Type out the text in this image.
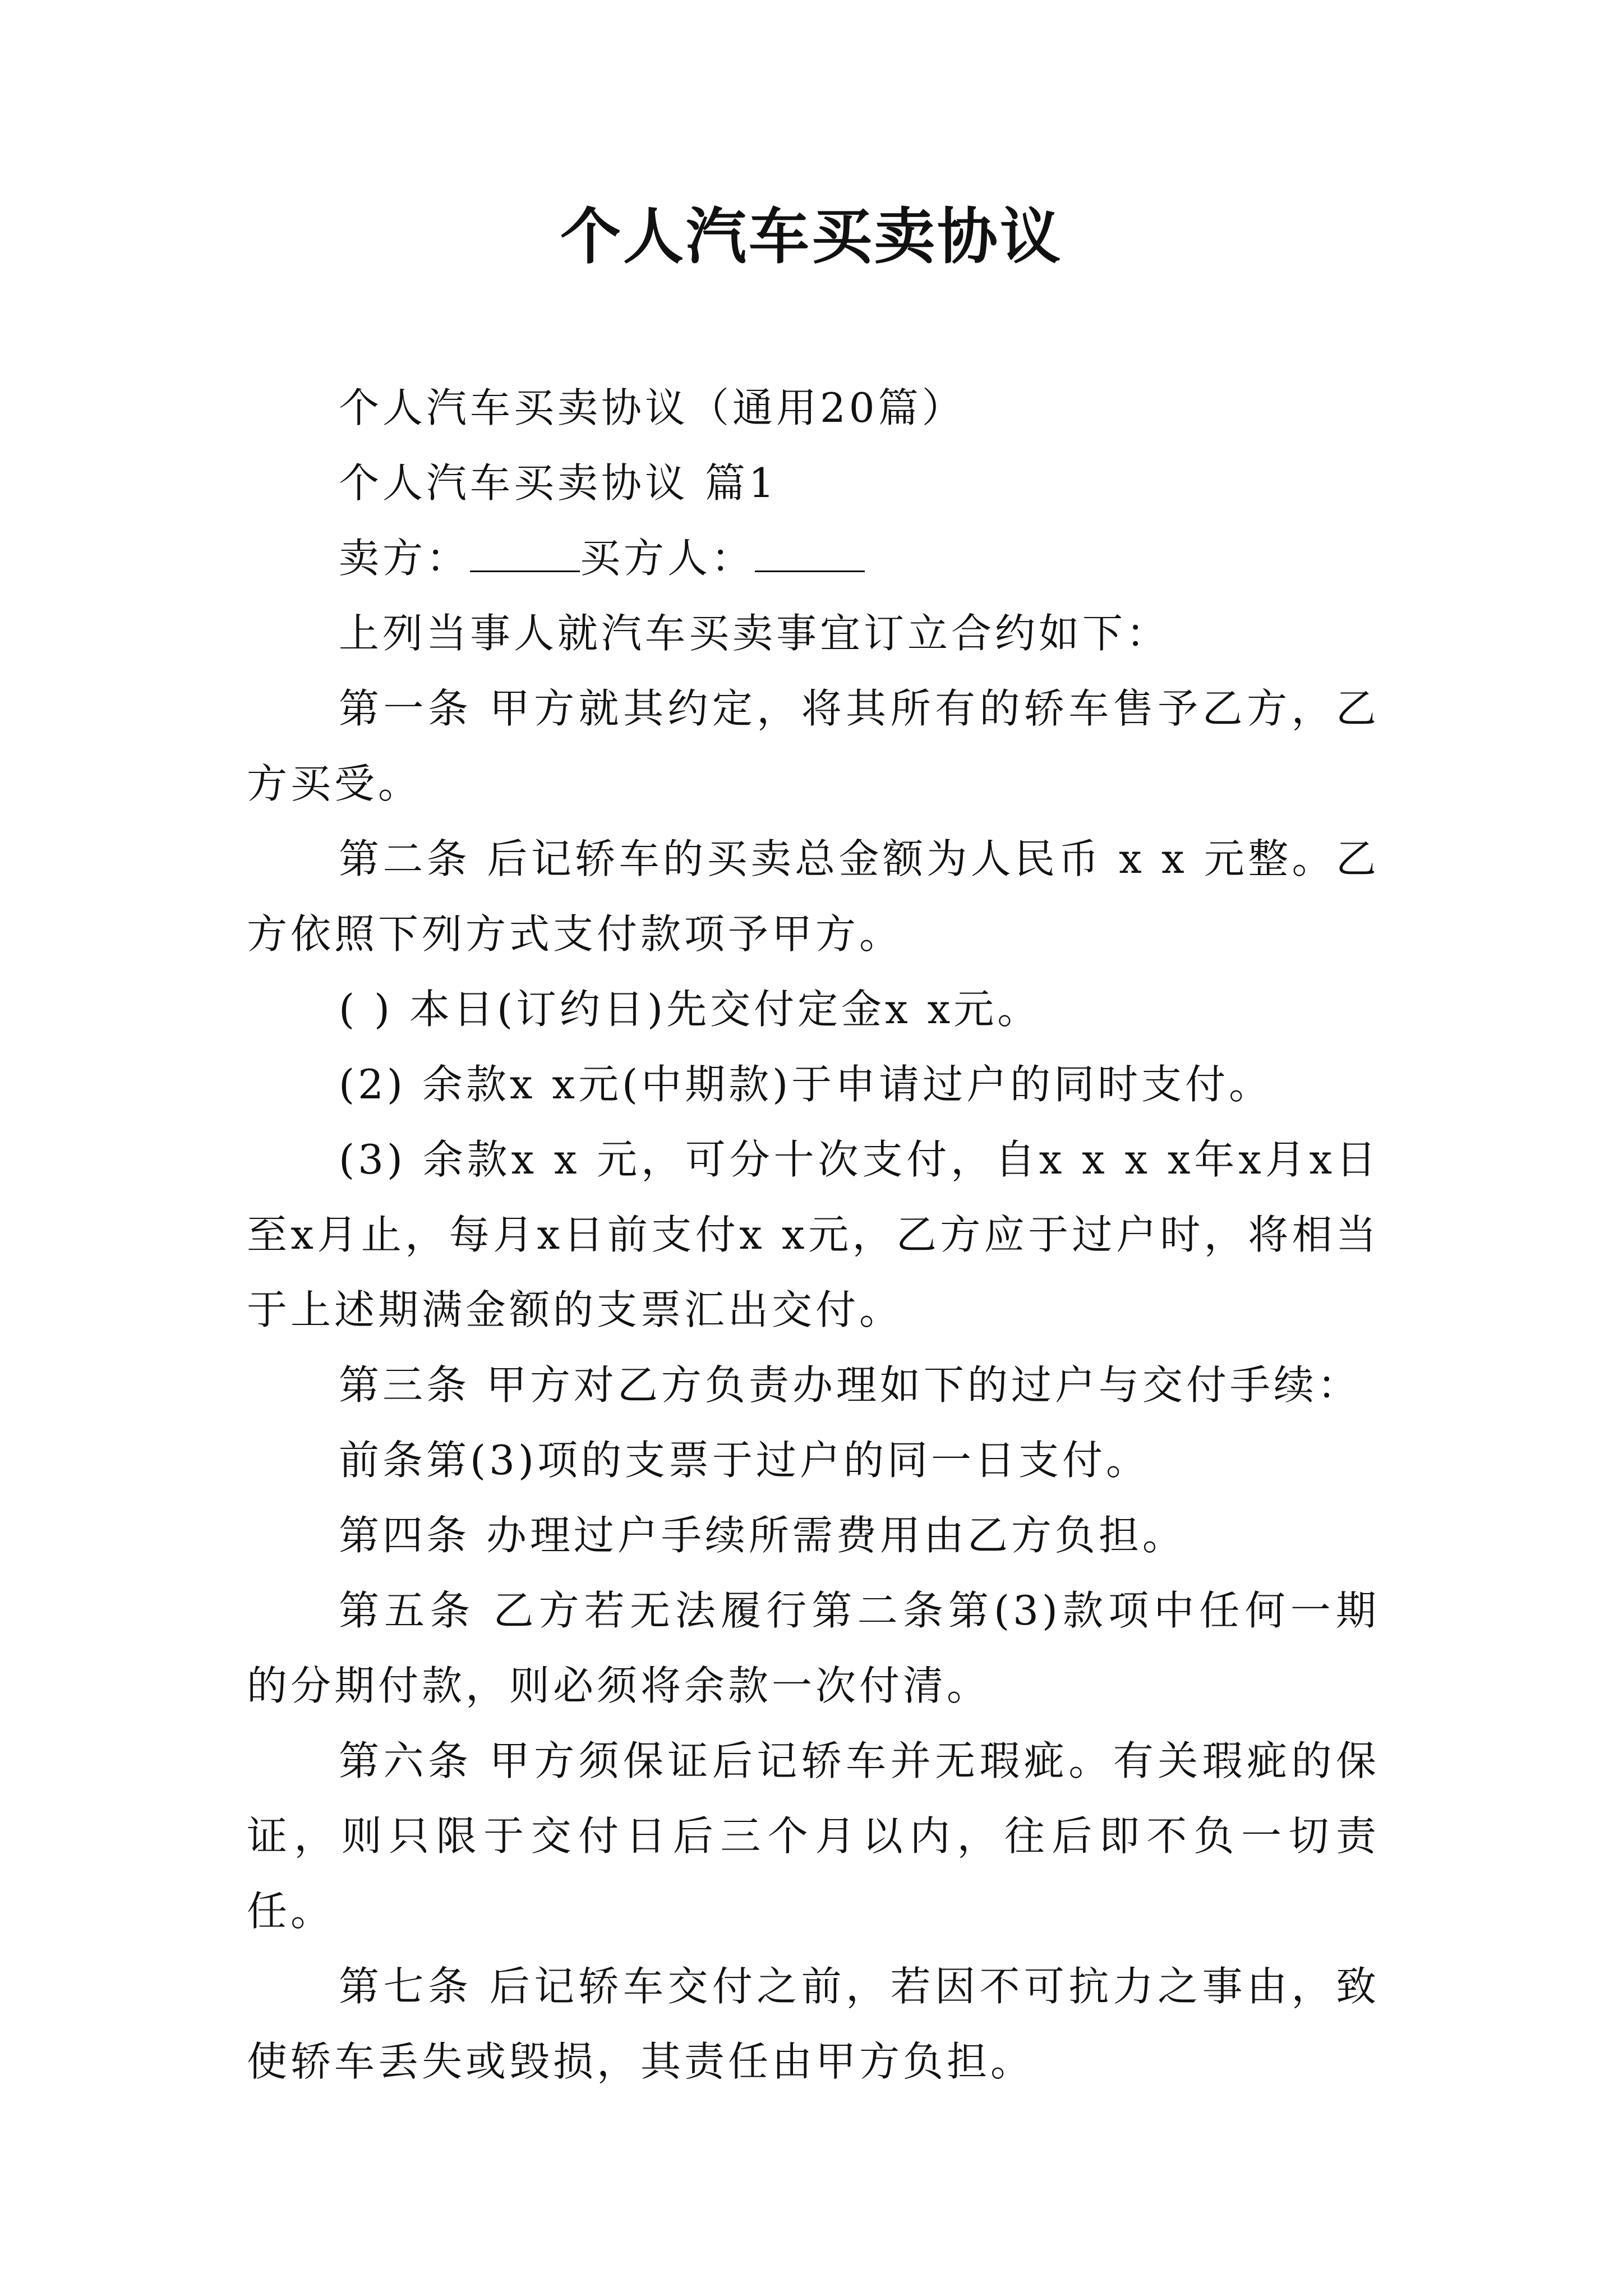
个人汽车买卖协议

个人汽车买卖协议（通用20篇）

个人汽车买卖协议 篇1

卖方：	买方人：

上列当事人就汽车买卖事宜订立合约如下：

第一条 甲方就其约定，将其所有的轿车售予乙方，乙方买受。

第二条 后记轿车的买卖总金额为人民币 x x 元整。乙方依照下列方式支付款项予甲方。

( ) 本日(订约日)先交付定金x x元。

(2) 余款x x元(中期款)于申请过户的同时支付。

(3) 余款x x 元，可分十次支付，自x x x x年x月x日至x月止，每月x日前支付x x元，乙方应于过户时，将相当于上述期满金额的支票汇出交付。

第三条 甲方对乙方负责办理如下的过户与交付手续：

前条第(3)项的支票于过户的同一日支付。

第四条 办理过户手续所需费用由乙方负担。

第五条 乙方若无法履行第二条第(3)款项中任何一期的分期付款，则必须将余款一次付清。

第六条 甲方须保证后记轿车并无瑕疵。有关瑕疵的保证，则只限于交付日后三个月以内，往后即不负一切责任。

第七条 后记轿车交付之前，若因不可抗力之事由，致使轿车丢失或毁损，其责任由甲方负担。
